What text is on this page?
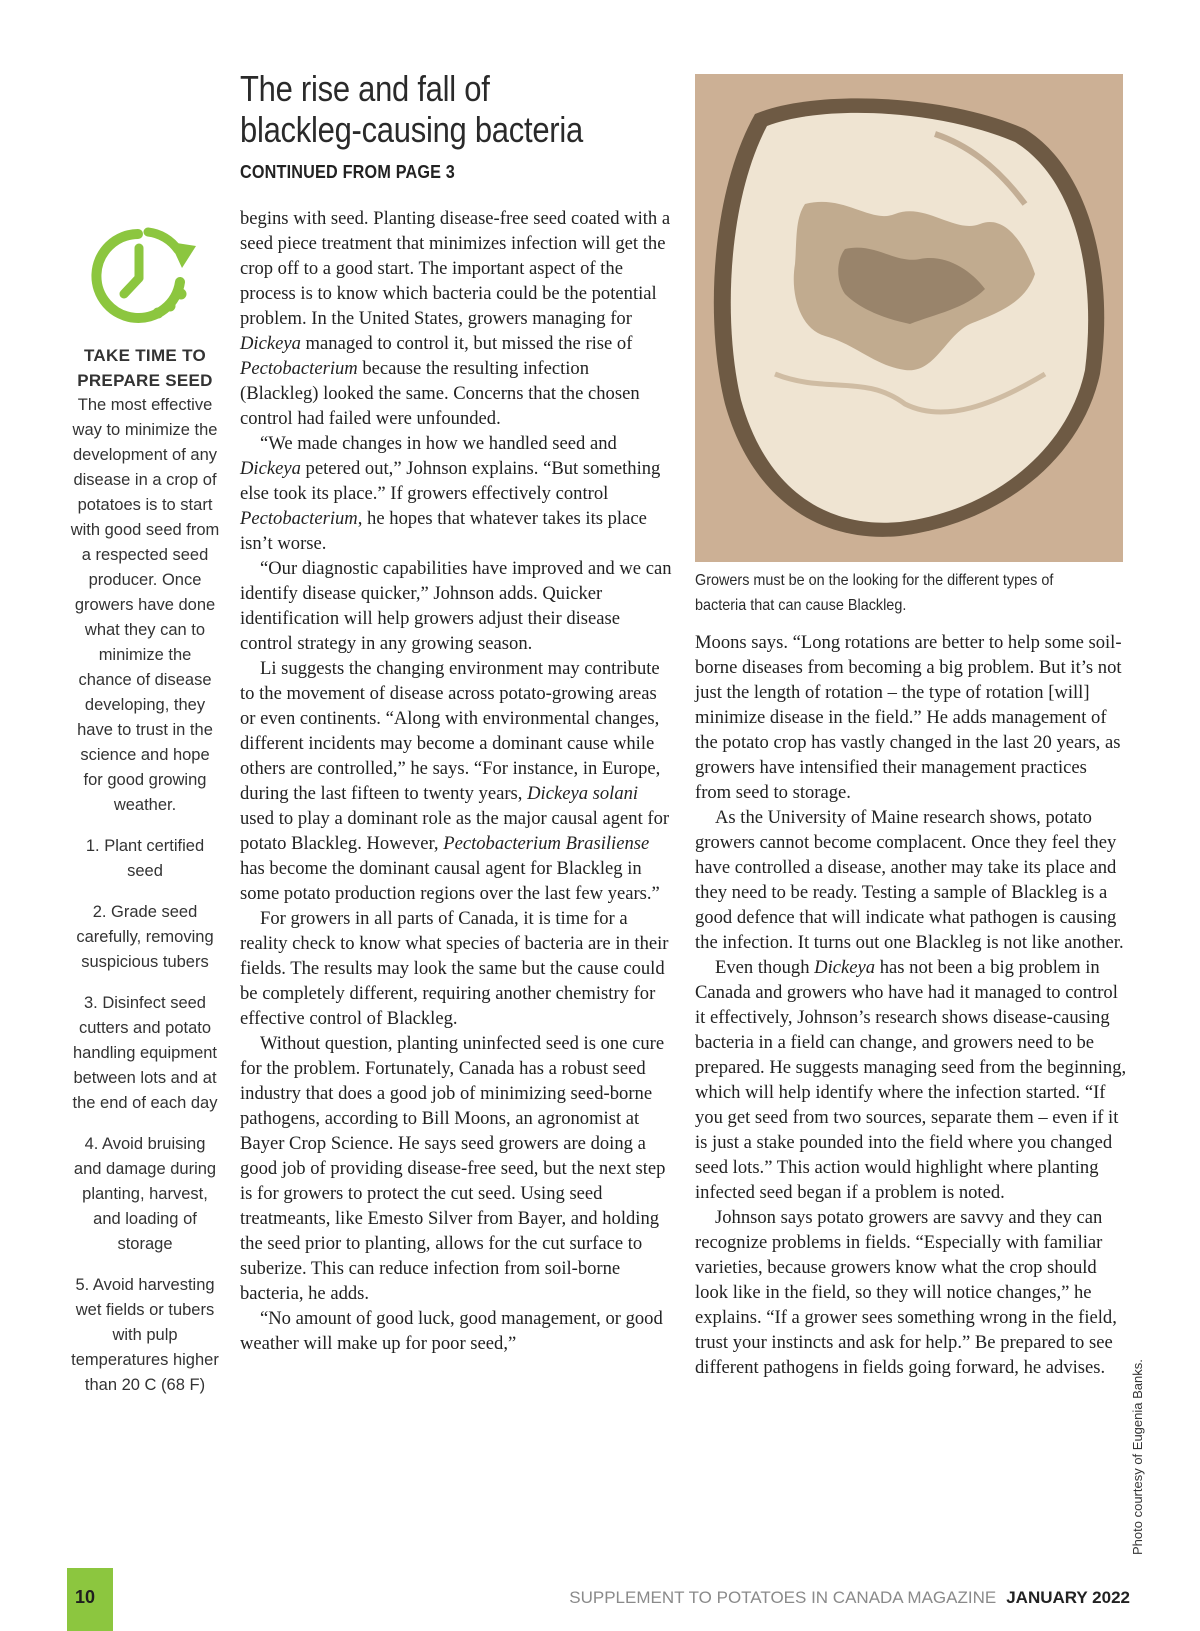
The rise and fall of
blackleg-causing bacteria
CONTINUED FROM PAGE 3
TAKE TIME TO
PREPARE SEED

The most effective way to minimize the development of any disease in a crop of potatoes is to start with good seed from a respected seed producer. Once growers have done what they can to minimize the chance of disease developing, they have to trust in the science and hope for good growing weather.

1. Plant certified seed
2. Grade seed carefully, removing suspicious tubers
3. Disinfect seed cutters and potato handling equipment between lots and at the end of each day
4. Avoid bruising and damage during planting, harvest, and loading of storage
5. Avoid harvesting wet fields or tubers with pulp temperatures higher than 20 C (68 F)

begins with seed. Planting disease-free seed coated with a seed piece treatment that minimizes infection will get the crop off to a good start. The important aspect of the process is to know which bacteria could be the potential problem. In the United States, growers managing for Dickeya managed to control it, but missed the rise of Pectobacterium because the resulting infection (Blackleg) looked the same. Concerns that the chosen control had failed were unfounded.

“We made changes in how we handled seed and Dickeya petered out,” Johnson explains. “But something else took its place.” If growers effectively control Pectobacterium, he hopes that whatever takes its place isn’t worse.

“Our diagnostic capabilities have improved and we can identify disease quicker,” Johnson adds. Quicker identification will help growers adjust their disease control strategy in any growing season.

Li suggests the changing environment may contribute to the movement of disease across potato-growing areas or even continents. “Along with environmental changes, different incidents may become a dominant cause while others are controlled,” he says. “For instance, in Europe, during the last fifteen to twenty years, Dickeya solani used to play a dominant role as the major causal agent for potato Blackleg. However, Pectobacterium Brasiliense has become the dominant causal agent for Blackleg in some potato production regions over the last few years.”

For growers in all parts of Canada, it is time for a reality check to know what species of bacteria are in their fields. The results may look the same but the cause could be completely different, requiring another chemistry for effective control of Blackleg.

Without question, planting uninfected seed is one cure for the problem. Fortunately, Canada has a robust seed industry that does a good job of minimizing seed-borne pathogens, according to Bill Moons, an agronomist at Bayer Crop Science. He says seed growers are doing a good job of providing disease-free seed, but the next step is for growers to protect the cut seed. Using seed treatmeants, like Emesto Silver from Bayer, and holding the seed prior to planting, allows for the cut surface to suberize. This can reduce infection from soil-borne bacteria, he adds.

“No amount of good luck, good management, or good weather will make up for poor seed,”

Growers must be on the looking for the different types of bacteria that can cause Blackleg.

Moons says. “Long rotations are better to help some soil-borne diseases from becoming a big problem. But it’s not just the length of rotation – the type of rotation [will] minimize disease in the field.” He adds management of the potato crop has vastly changed in the last 20 years, as growers have intensified their management practices from seed to storage.

As the University of Maine research shows, potato growers cannot become complacent. Once they feel they have controlled a disease, another may take its place and they need to be ready. Testing a sample of Blackleg is a good defence that will indicate what pathogen is causing the infection. It turns out one Blackleg is not like another.

Even though Dickeya has not been a big problem in Canada and growers who have had it managed to control it effectively, Johnson’s research shows disease-causing bacteria in a field can change, and growers need to be prepared. He suggests managing seed from the beginning, which will help identify where the infection started. “If you get seed from two sources, separate them – even if it is just a stake pounded into the field where you changed seed lots.” This action would highlight where planting infected seed began if a problem is noted.

Johnson says potato growers are savvy and they can recognize problems in fields. “Especially with familiar varieties, because growers know what the crop should look like in the field, so they will notice changes,” he explains. “If a grower sees something wrong in the field, trust your instincts and ask for help.” Be prepared to see different pathogens in fields going forward, he advises.	Photo courtesy of Eugenia Banks.
10	SUPPLEMENT TO POTATOES IN CANADA MAGAZINE JANUARY 2022
